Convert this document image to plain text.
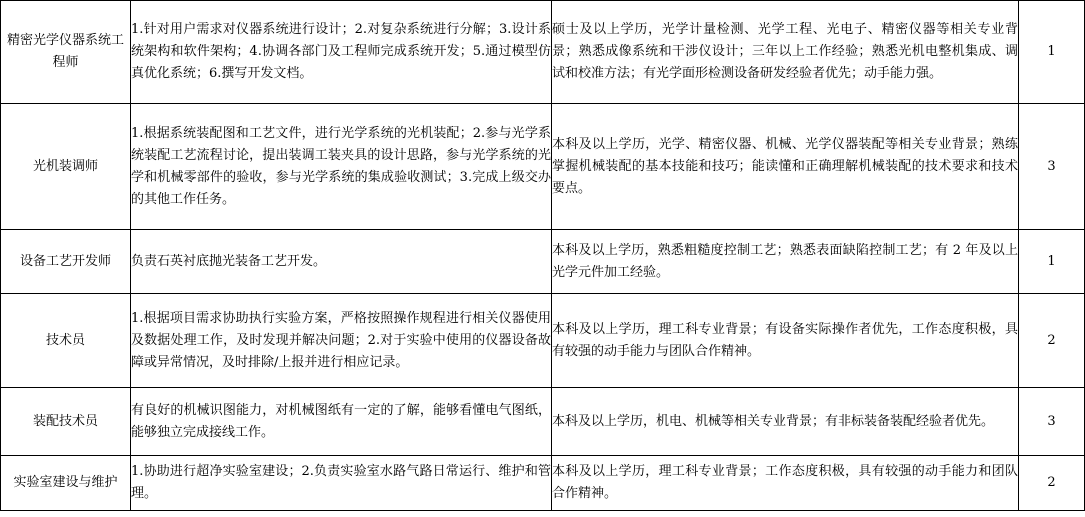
精密光学仪器系统工程师	1.针对用户需求对仪器系统进行设计；2.对复杂系统进行分解；3.设计系统架构和软件架构；4.协调各部门及工程师完成系统开发；5.通过模型仿真优化系统；6.撰写开发文档。	硕士及以上学历，光学计量检测、光学工程、光电子、精密仪器等相关专业背景；熟悉成像系统和干涉仪设计；三年以上工作经验；熟悉光机电整机集成、调试和校准方法；有光学面形检测设备研发经验者优先；动手能力强。	1

光机装调师	1.根据系统装配图和工艺文件，进行光学系统的光机装配；2.参与光学系统装配工艺流程讨论，提出装调工装夹具的设计思路，参与光学系统的光学和机械零部件的验收，参与光学系统的集成验收测试；3.完成上级交办的其他工作任务。	本科及以上学历，光学、精密仪器、机械、光学仪器装配等相关专业背景；熟练掌握机械装配的基本技能和技巧；能读懂和正确理解机械装配的技术要求和技术要点。	3

设备工艺开发师	负责石英衬底抛光装备工艺开发。	本科及以上学历，熟悉粗糙度控制工艺；熟悉表面缺陷控制工艺；有 2 年及以上光学元件加工经验。	1

技术员	1.根据项目需求协助执行实验方案，严格按照操作规程进行相关仪器使用及数据处理工作，及时发现并解决问题；2.对于实验中使用的仪器设备故障或异常情况，及时排除/上报并进行相应记录。	本科及以上学历，理工科专业背景；有设备实际操作者优先，工作态度积极，具有较强的动手能力与团队合作精神。	2

装配技术员	有良好的机械识图能力，对机械图纸有一定的了解，能够看懂电气图纸，能够独立完成接线工作。	本科及以上学历，机电、机械等相关专业背景；有非标装备装配经验者优先。	3

实验室建设与维护	1.协助进行超净实验室建设；2.负责实验室水路气路日常运行、维护和管理。	本科及以上学历，理工科专业背景；工作态度积极，具有较强的动手能力和团队合作精神。	2
